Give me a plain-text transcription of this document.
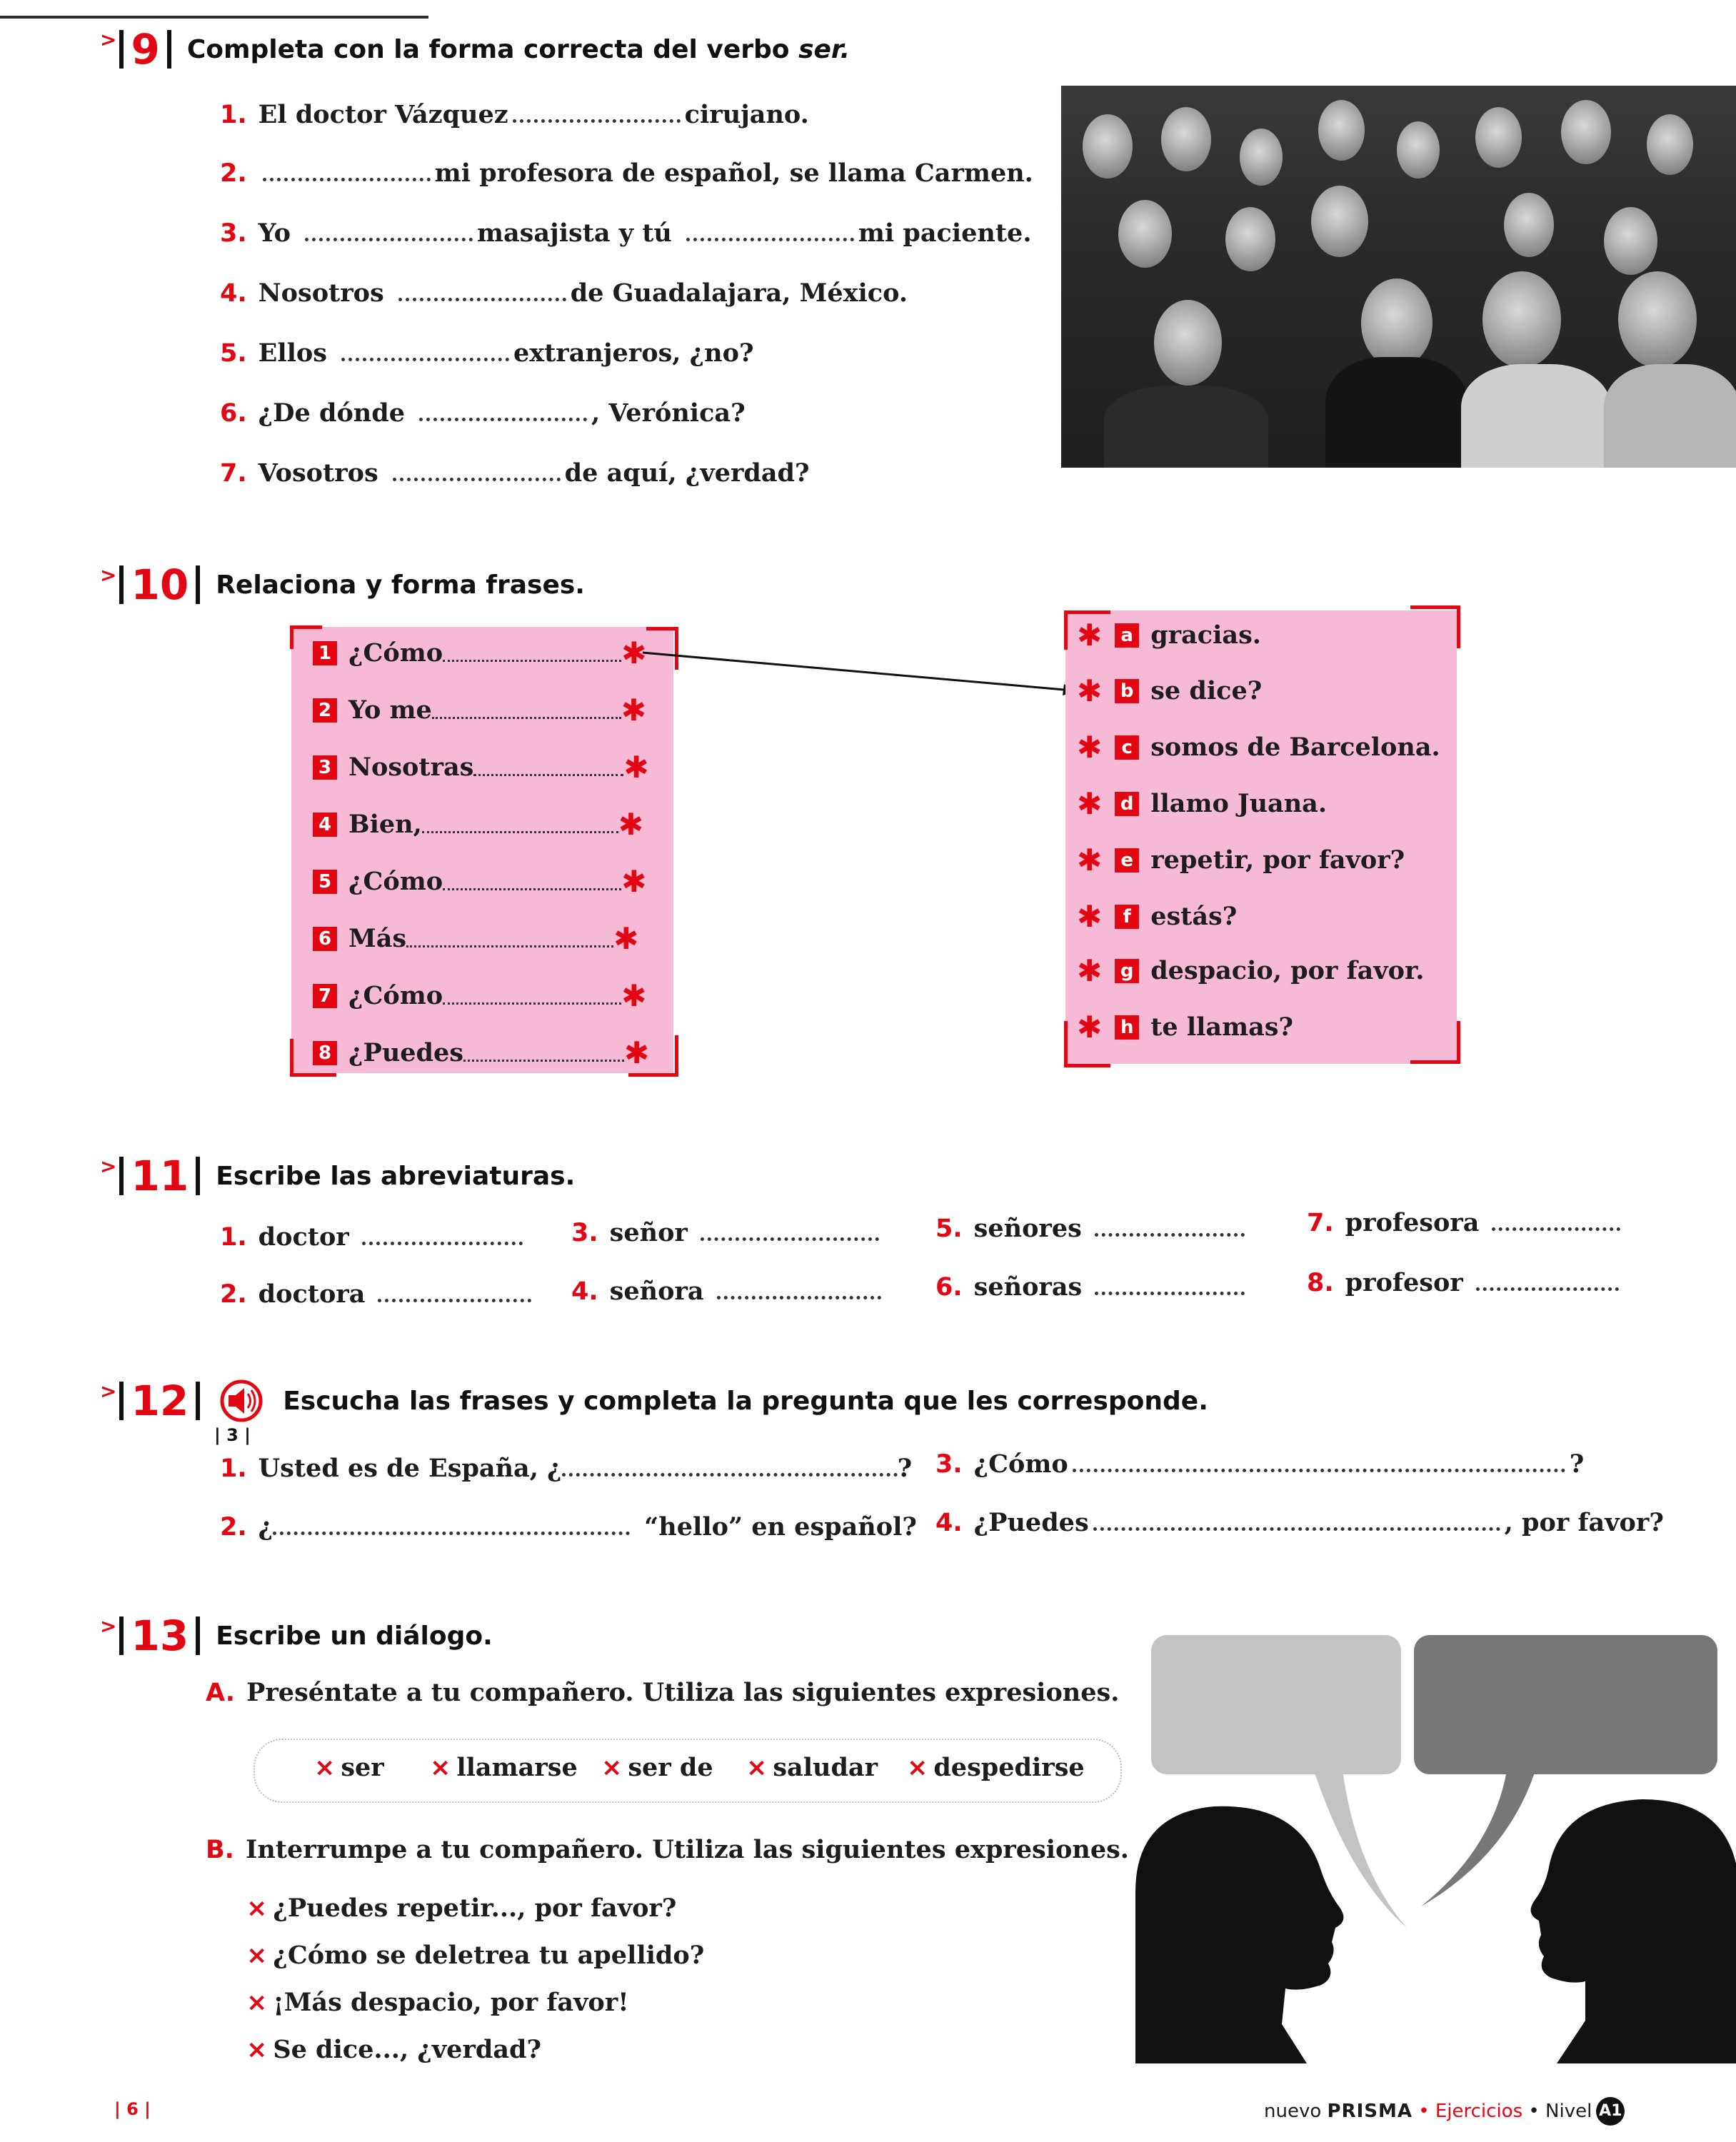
> 9 Completa con la forma correcta del verbo ser.
1. El doctor Vázquez	cirujano.
2.	mi profesora de español, se llama Carmen.
3. Yo	masajista y tú	mi paciente.
4. Nosotros	de Guadalajara, México.
5. Ellos	extranjeros, ¿no?
6. ¿De dónde	, Verónica?
7. Vosotros	de aquí, ¿verdad?
> 10 Relaciona y forma frases.
1 ¿Cómo	✱
2 Yo me	✱
3 Nosotras	✱
4 Bien,	✱
5 ¿Cómo	✱
6 Más	✱
7 ¿Cómo	✱
8 ¿Puedes	✱
✱	a gracias.
✱ b se dice?
✱	c somos de Barcelona.
✱ d llamo Juana.
✱	e repetir, por favor?
✱	f estás?
✱ g despacio, por favor.
✱ h te llamas?
> 11 Escribe las abreviaturas.
1. doctor
2. doctora
3. señor
4. señora
5. señores
6. señoras
7. profesora
8. profesor
> 12	Escucha las frases y completa la pregunta que les corresponde.
| 3 |
1. Usted es de España, ¿	?
2. ¿	“hello” en español?
3. ¿Cómo	?
4. ¿Puedes	, por favor?
> 13 Escribe un diálogo.
A. Preséntate a tu compañero. Utiliza las siguientes expresiones.
× ser × llamarse × ser de × saludar × despedirse
B. Interrumpe a tu compañero. Utiliza las siguientes expresiones.
× ¿Puedes repetir..., por favor?
× ¿Cómo se deletrea tu apellido?
× ¡Más despacio, por favor!
× Se dice..., ¿verdad?
| 6 |	nuevo
PRISMA
•
Ejercicios
•
Nivel A1
